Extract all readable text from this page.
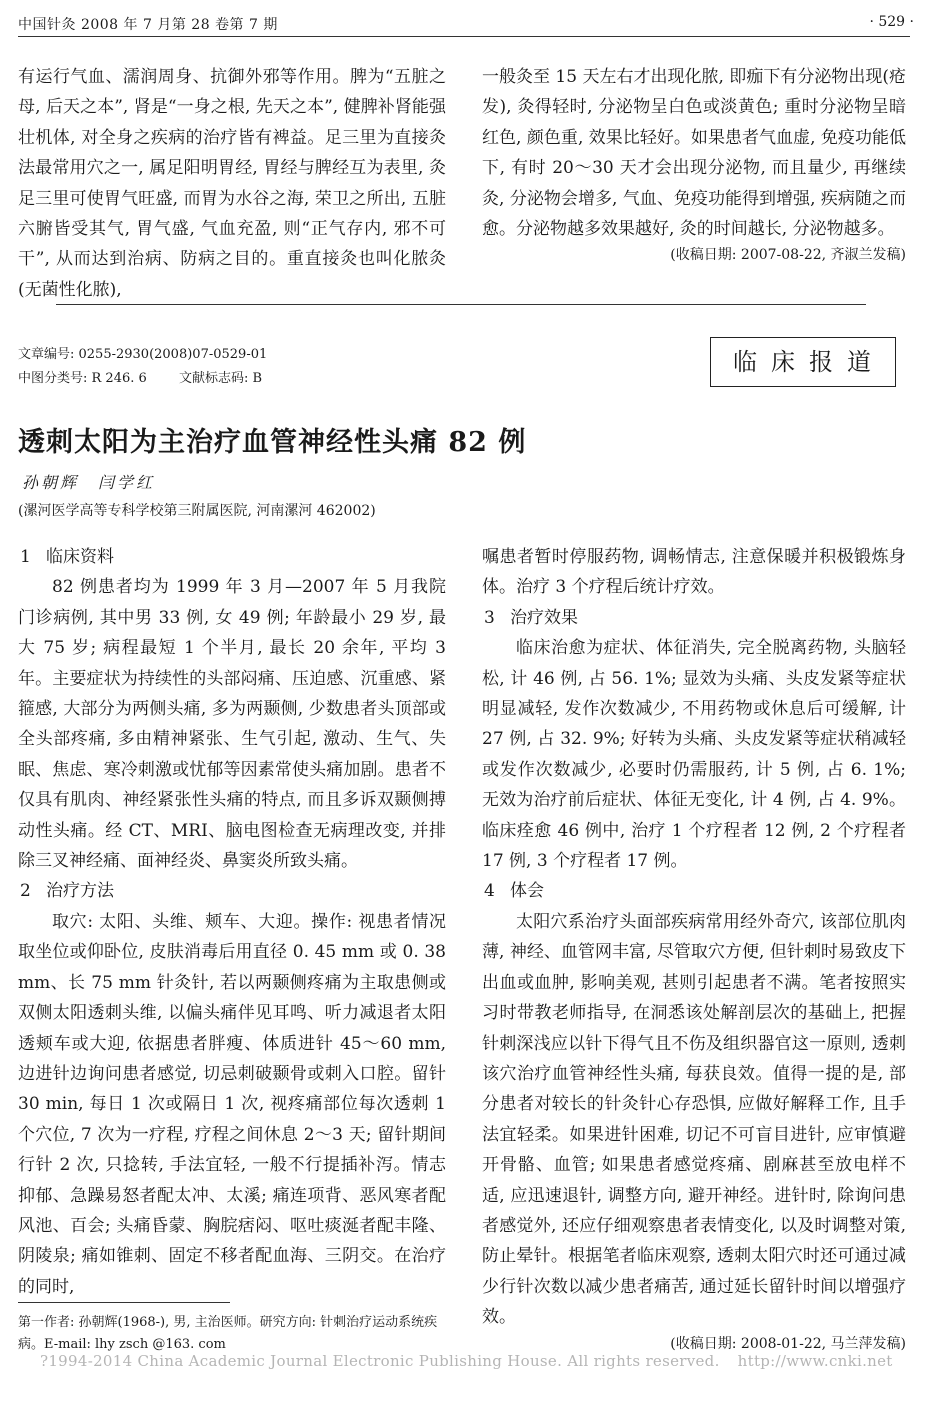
中国针灸 2008 年 7 月第 28 卷第 7 期	· 529 ·

有运行气血、濡润周身、抗御外邪等作用。脾为“五脏之母, 后天之本”, 肾是“一身之根, 先天之本”, 健脾补肾能强壮机体, 对全身之疾病的治疗皆有裨益。足三里为直接灸法最常用穴之一, 属足阳明胃经, 胃经与脾经互为表里, 灸足三里可使胃气旺盛, 而胃为水谷之海, 荣卫之所出, 五脏六腑皆受其气, 胃气盛, 气血充盈, 则“正气存内, 邪不可干”, 从而达到治病、防病之目的。重直接灸也叫化脓灸(无菌性化脓),

一般灸至 15 天左右才出现化脓, 即痂下有分泌物出现(疮发), 灸得轻时, 分泌物呈白色或淡黄色; 重时分泌物呈暗红色, 颜色重, 效果比轻好。如果患者气血虚, 免疫功能低下, 有时 20～30 天才会出现分泌物, 而且量少, 再继续灸, 分泌物会增多, 气血、免疫功能得到增强, 疾病随之而愈。分泌物越多效果越好, 灸的时间越长, 分泌物越多。

(收稿日期: 2007-08-22, 齐淑兰发稿)
文章编号: 0255-2930(2008)07-0529-01
中图分类号: R 246. 6 文献标志码: B
临床报道
透刺太阳为主治疗血管神经性头痛 82 例
孙朝辉　闫学红
(漯河医学高等专科学校第三附属医院, 河南漯河 462002)
1 临床资料

82 例患者均为 1999 年 3 月—2007 年 5 月我院门诊病例, 其中男 33 例, 女 49 例; 年龄最小 29 岁, 最大 75 岁; 病程最短 1 个半月, 最长 20 余年, 平均 3 年。主要症状为持续性的头部闷痛、压迫感、沉重感、紧箍感, 大部分为两侧头痛, 多为两颞侧, 少数患者头顶部或全头部疼痛, 多由精神紧张、生气引起, 激动、生气、失眠、焦虑、寒冷刺激或忧郁等因素常使头痛加剧。患者不仅具有肌肉、神经紧张性头痛的特点, 而且多诉双颞侧搏动性头痛。经 CT、MRI、脑电图检查无病理改变, 并排除三叉神经痛、面神经炎、鼻窦炎所致头痛。

2 治疗方法

取穴: 太阳、头维、颊车、大迎。操作: 视患者情况取坐位或仰卧位, 皮肤消毒后用直径 0. 45 mm 或 0. 38 mm、长 75 mm 针灸针, 若以两颞侧疼痛为主取患侧或双侧太阳透刺头维, 以偏头痛伴见耳鸣、听力减退者太阳透颊车或大迎, 依据患者胖瘦、体质进针 45～60 mm, 边进针边询问患者感觉, 切忌刺破颞骨或刺入口腔。留针30 min, 每日 1 次或隔日 1 次, 视疼痛部位每次透刺 1 个穴位, 7 次为一疗程, 疗程之间休息 2～3 天; 留针期间行针 2 次, 只捻转, 手法宜轻, 一般不行提插补泻。情志抑郁、急躁易怒者配太冲、太溪; 痛连项背、恶风寒者配风池、百会; 头痛昏蒙、胸脘痞闷、呕吐痰涎者配丰隆、阴陵泉; 痛如锥刺、固定不移者配血海、三阴交。在治疗的同时,

嘱患者暂时停服药物, 调畅情志, 注意保暖并积极锻炼身体。治疗 3 个疗程后统计疗效。

3 治疗效果

临床治愈为症状、体征消失, 完全脱离药物, 头脑轻松, 计 46 例, 占 56. 1%; 显效为头痛、头皮发紧等症状明显减轻, 发作次数减少, 不用药物或休息后可缓解, 计 27 例, 占 32. 9%; 好转为头痛、头皮发紧等症状稍减轻或发作次数减少, 必要时仍需服药, 计 5 例, 占 6. 1%; 无效为治疗前后症状、体征无变化, 计 4 例, 占 4. 9%。临床痊愈 46 例中, 治疗 1 个疗程者 12 例, 2 个疗程者 17 例, 3 个疗程者 17 例。

4 体会

太阳穴系治疗头面部疾病常用经外奇穴, 该部位肌肉薄, 神经、血管网丰富, 尽管取穴方便, 但针刺时易致皮下出血或血肿, 影响美观, 甚则引起患者不满。笔者按照实习时带教老师指导, 在洞悉该处解剖层次的基础上, 把握针刺深浅应以针下得气且不伤及组织器官这一原则, 透刺该穴治疗血管神经性头痛, 每获良效。值得一提的是, 部分患者对较长的针灸针心存恐惧, 应做好解释工作, 且手法宜轻柔。如果进针困难, 切记不可盲目进针, 应审慎避开骨骼、血管; 如果患者感觉疼痛、剧麻甚至放电样不适, 应迅速退针, 调整方向, 避开神经。进针时, 除询问患者感觉外, 还应仔细观察患者表情变化, 以及时调整对策, 防止晕针。根据笔者临床观察, 透刺太阳穴时还可通过减少行针次数以减少患者痛苦, 通过延长留针时间以增强疗效。

(收稿日期: 2008-01-22, 马兰萍发稿)
第一作者: 孙朝辉(1968-), 男, 主治医师。研究方向: 针刺治疗运动系统疾病。E-mail: lhy zsch @163. com
?1994-2014 China Academic Journal Electronic Publishing House. All rights reserved. http://www.cnki.net
